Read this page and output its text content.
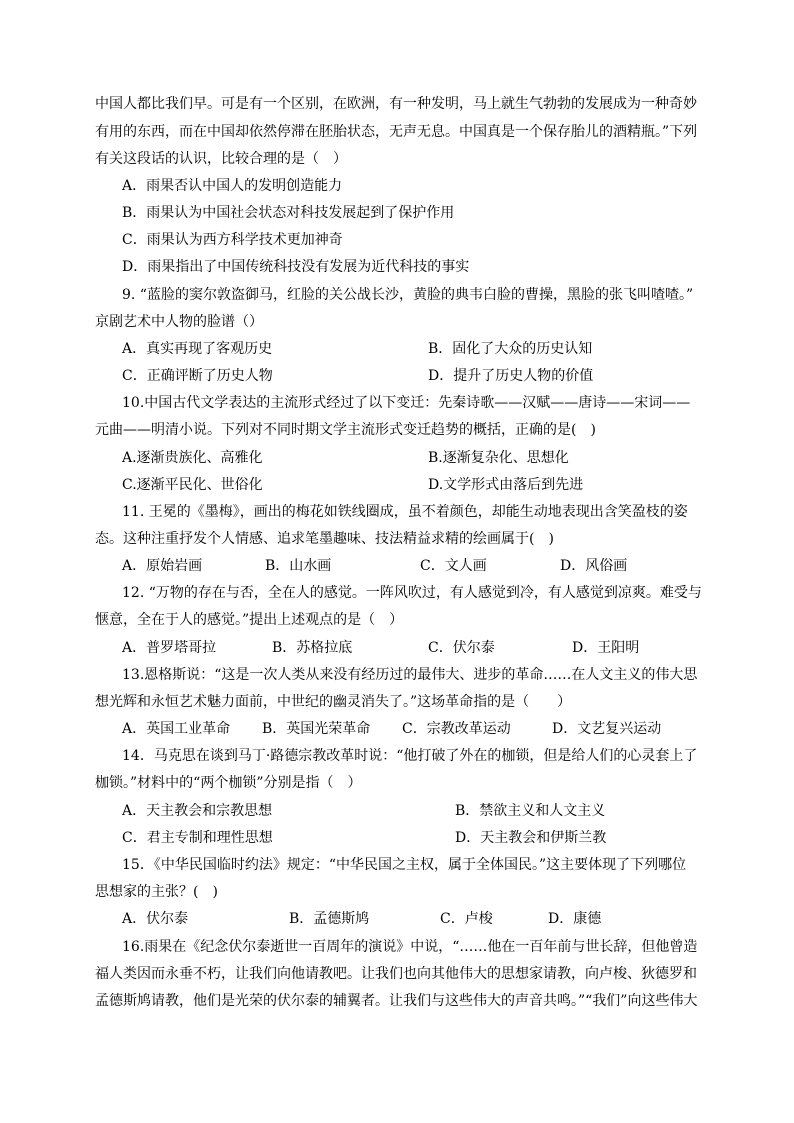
中国人都比我们早。可是有一个区别，在欧洲，有一种发明，马上就生气勃勃的发展成为一种奇妙
有用的东西，而在中国却依然停滞在胚胎状态，无声无息。中国真是一个保存胎儿的酒精瓶。”下列
有关这段话的认识，比较合理的是（　）
A．雨果否认中国人的发明创造能力
B．雨果认为中国社会状态对科技发展起到了保护作用
C．雨果认为西方科学技术更加神奇
D．雨果指出了中国传统科技没有发展为近代科技的事实
9. “蓝脸的窦尔敦盗御马，红脸的关公战长沙，黄脸的典韦白脸的曹操，黑脸的张飞叫喳喳。”
京剧艺术中人物的脸谱（）
A．真实再现了客观历史	B．固化了大众的历史认知
C．正确评断了历史人物	D．提升了历史人物的价值
10.中国古代文学表达的主流形式经过了以下变迁：先秦诗歌——汉赋——唐诗——宋词——
元曲——明清小说。下列对不同时期文学主流形式变迁趋势的概括，正确的是(　)
A.逐渐贵族化、高雅化	B.逐渐复杂化、思想化
C.逐渐平民化、世俗化	D.文学形式由落后到先进
11. 王冕的《墨梅》，画出的梅花如铁线圈成，虽不着颜色，却能生动地表现出含笑盈枝的姿
态。这种注重抒发个人情感、追求笔墨趣味、技法精益求精的绘画属于(　)
A．原始岩画	B．山水画	C．文人画	D．风俗画
12. “万物的存在与否，全在人的感觉。一阵风吹过，有人感觉到冷，有人感觉到凉爽。难受与
惬意，全在于人的感觉。”提出上述观点的是（　）
A．普罗塔哥拉	B．苏格拉底	C．伏尔泰	D．王阳明
13.恩格斯说：“这是一次人类从来没有经历过的最伟大、进步的革命……在人文主义的伟大思
想光辉和永恒艺术魅力面前，中世纪的幽灵消失了。”这场革命指的是（　　）
A．英国工业革命 B．英国光荣革命 C．宗教改革运动	D．文艺复兴运动
14．马克思在谈到马丁·路德宗教改革时说：“他打破了外在的枷锁，但是给人们的心灵套上了
枷锁。”材料中的“两个枷锁”分别是指（　）
A．天主教会和宗教思想	B．禁欲主义和人文主义
C．君主专制和理性思想	D．天主教会和伊斯兰教
15．《中华民国临时约法》规定：“中华民国之主权，属于全体国民。”这主要体现了下列哪位
思想家的主张？(　)
A．伏尔泰	B．孟德斯鸠	C．卢梭	D．康德
16.雨果在《纪念伏尔泰逝世一百周年的演说》中说，“……他在一百年前与世长辞，但他曾造
福人类因而永垂不朽，让我们向他请教吧。让我们也向其他伟大的思想家请教，向卢梭、狄德罗和
孟德斯鸠请教，他们是光荣的伏尔泰的辅翼者。让我们与这些伟大的声音共鸣。”“我们”向这些伟大
